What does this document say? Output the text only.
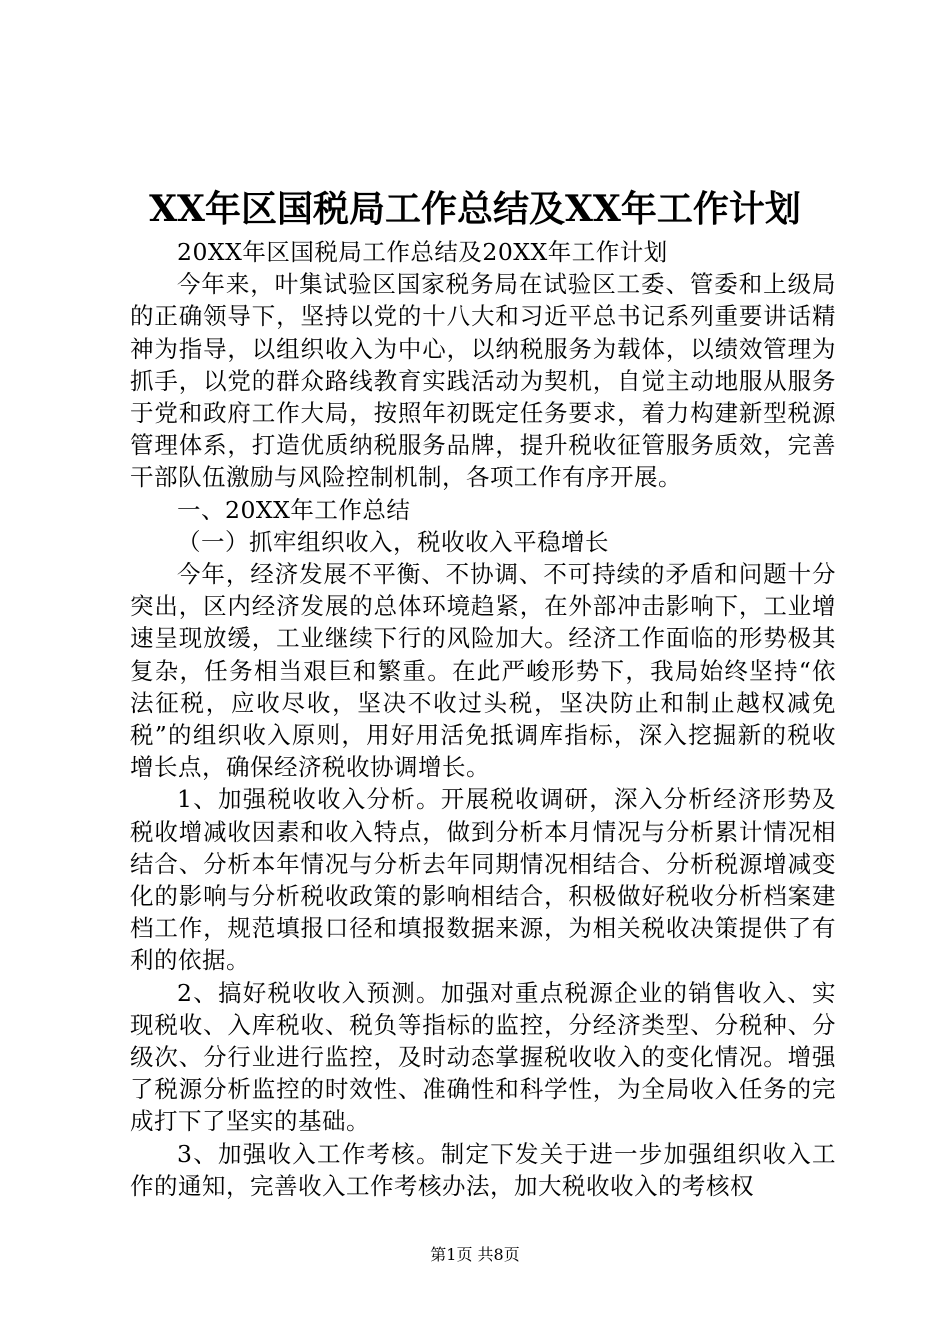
XX年区国税局工作总结及XX年工作计划

20XX年区国税局工作总结及20XX年工作计划

今年来，叶集试验区国家税务局在试验区工委、管委和上级局的正确领导下，坚持以党的十八大和习近平总书记系列重要讲话精神为指导，以组织收入为中心，以纳税服务为载体，以绩效管理为抓手，以党的群众路线教育实践活动为契机，自觉主动地服从服务于党和政府工作大局，按照年初既定任务要求，着力构建新型税源管理体系，打造优质纳税服务品牌，提升税收征管服务质效，完善干部队伍激励与风险控制机制，各项工作有序开展。

一、20XX年工作总结

（一）抓牢组织收入，税收收入平稳增长

今年，经济发展不平衡、不协调、不可持续的矛盾和问题十分突出，区内经济发展的总体环境趋紧，在外部冲击影响下，工业增速呈现放缓，工业继续下行的风险加大。经济工作面临的形势极其复杂，任务相当艰巨和繁重。在此严峻形势下，我局始终坚持“依法征税，应收尽收，坚决不收过头税，坚决防止和制止越权减免税”的组织收入原则，用好用活免抵调库指标，深入挖掘新的税收增长点，确保经济税收协调增长。

1、加强税收收入分析。开展税收调研，深入分析经济形势及税收增减收因素和收入特点，做到分析本月情况与分析累计情况相结合、分析本年情况与分析去年同期情况相结合、分析税源增减变化的影响与分析税收政策的影响相结合，积极做好税收分析档案建档工作，规范填报口径和填报数据来源，为相关税收决策提供了有利的依据。

2、搞好税收收入预测。加强对重点税源企业的销售收入、实现税收、入库税收、税负等指标的监控，分经济类型、分税种、分级次、分行业进行监控，及时动态掌握税收收入的变化情况。增强了税源分析监控的时效性、准确性和科学性，为全局收入任务的完成打下了坚实的基础。

3、加强收入工作考核。制定下发关于进一步加强组织收入工作的通知，完善收入工作考核办法，加大税收收入的考核权

第1页 共8页
